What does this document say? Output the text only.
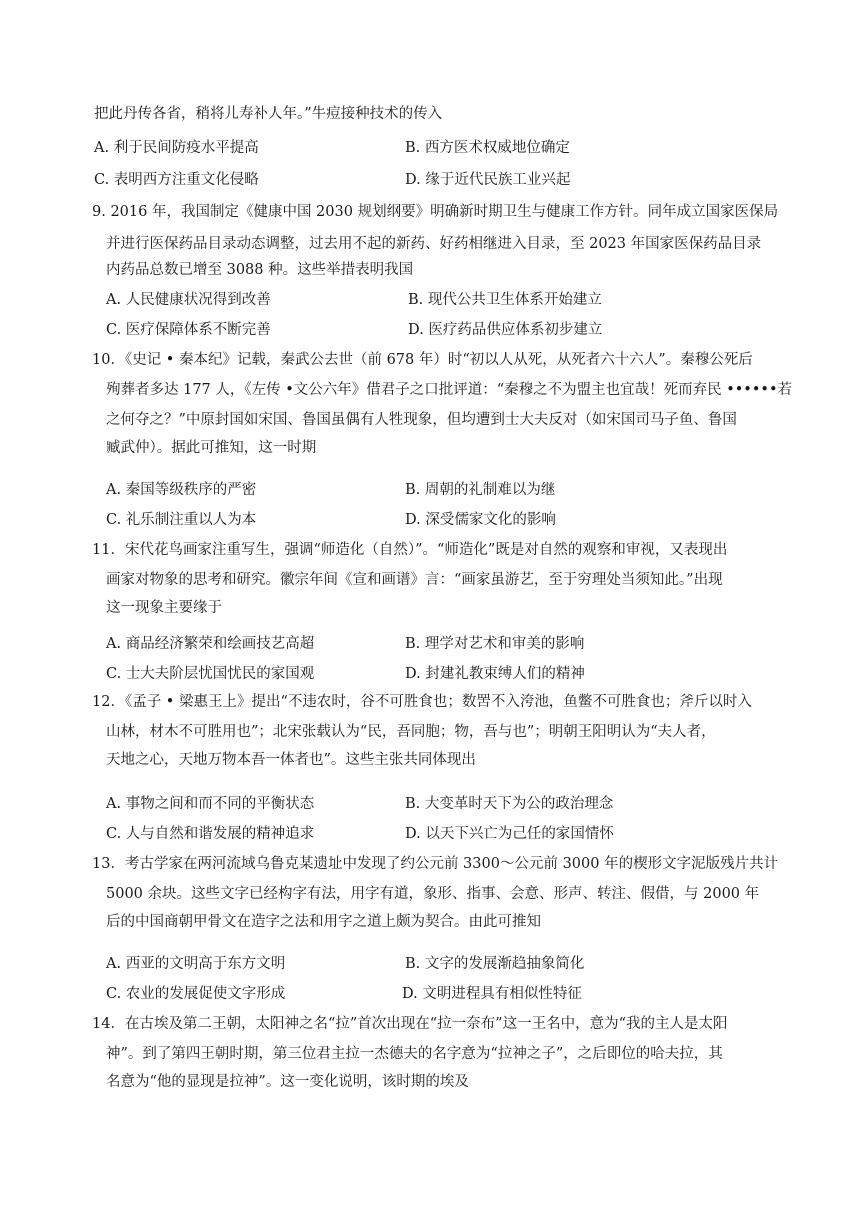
把此丹传各省，稍将儿寿补人年。”牛痘接种技术的传入
A. 利于民间防疫水平提高	B. 西方医术权威地位确定
C. 表明西方注重文化侵略	D. 缘于近代民族工业兴起
9. 2016 年，我国制定《健康中国 2030 规划纲要》明确新时期卫生与健康工作方针。同年成立国家医保局
并进行医保药品目录动态调整，过去用不起的新药、好药相继进入目录，至 2023 年国家医保药品目录
内药品总数已增至 3088 种。这些举措表明我国
A. 人民健康状况得到改善	B. 现代公共卫生体系开始建立
C. 医疗保障体系不断完善	D. 医疗药品供应体系初步建立
10．《史记 • 秦本纪》记载，秦武公去世（前 678 年）时“初以人从死，从死者六十六人”。秦穆公死后
殉葬者多达 177 人，《左传 •文公六年》借君子之口批评道：“秦穆之不为盟主也宜哉！死而弃民 ••••••若
之何夺之？”中原封国如宋国、鲁国虽偶有人牲现象，但均遭到士大夫反对（如宋国司马子鱼、鲁国
臧武仲）。据此可推知，这一时期
A. 秦国等级秩序的严密	B. 周朝的礼制难以为继
C. 礼乐制注重以人为本	D. 深受儒家文化的影响
11．宋代花鸟画家注重写生，强调“师造化（自然）”。“师造化”既是对自然的观察和审视，又表现出
画家对物象的思考和研究。徽宗年间《宣和画谱》言：“画家虽游艺，至于穷理处当须知此。”出现
这一现象主要缘于
A. 商品经济繁荣和绘画技艺高超	B. 理学对艺术和审美的影响
C. 士大夫阶层忧国忧民的家国观	D. 封建礼教束缚人们的精神
12．《孟子 • 梁惠王上》提出“不违农时，谷不可胜食也；数罟不入洿池，鱼鳖不可胜食也；斧斤以时入
山林，材木不可胜用也”；北宋张载认为“民，吾同胞；物，吾与也”；明朝王阳明认为“夫人者，
天地之心，天地万物本吾一体者也”。这些主张共同体现出
A. 事物之间和而不同的平衡状态	B. 大变革时天下为公的政治理念
C. 人与自然和谐发展的精神追求	D. 以天下兴亡为己任的家国情怀
13．考古学家在两河流域乌鲁克某遗址中发现了约公元前 3300～公元前 3000 年的楔形文字泥版残片共计
5000 余块。这些文字已经构字有法，用字有道，象形、指事、会意、形声、转注、假借，与 2000 年
后的中国商朝甲骨文在造字之法和用字之道上颇为契合。由此可推知
A. 西亚的文明高于东方文明	B. 文字的发展渐趋抽象简化
C. 农业的发展促使文字形成	D. 文明进程具有相似性特征
14．在古埃及第二王朝，太阳神之名“拉”首次出现在“拉一奈布”这一王名中，意为“我的主人是太阳
神”。到了第四王朝时期，第三位君主拉一杰德夫的名字意为“拉神之子”，之后即位的哈夫拉，其
名意为“他的显现是拉神”。这一变化说明，该时期的埃及
